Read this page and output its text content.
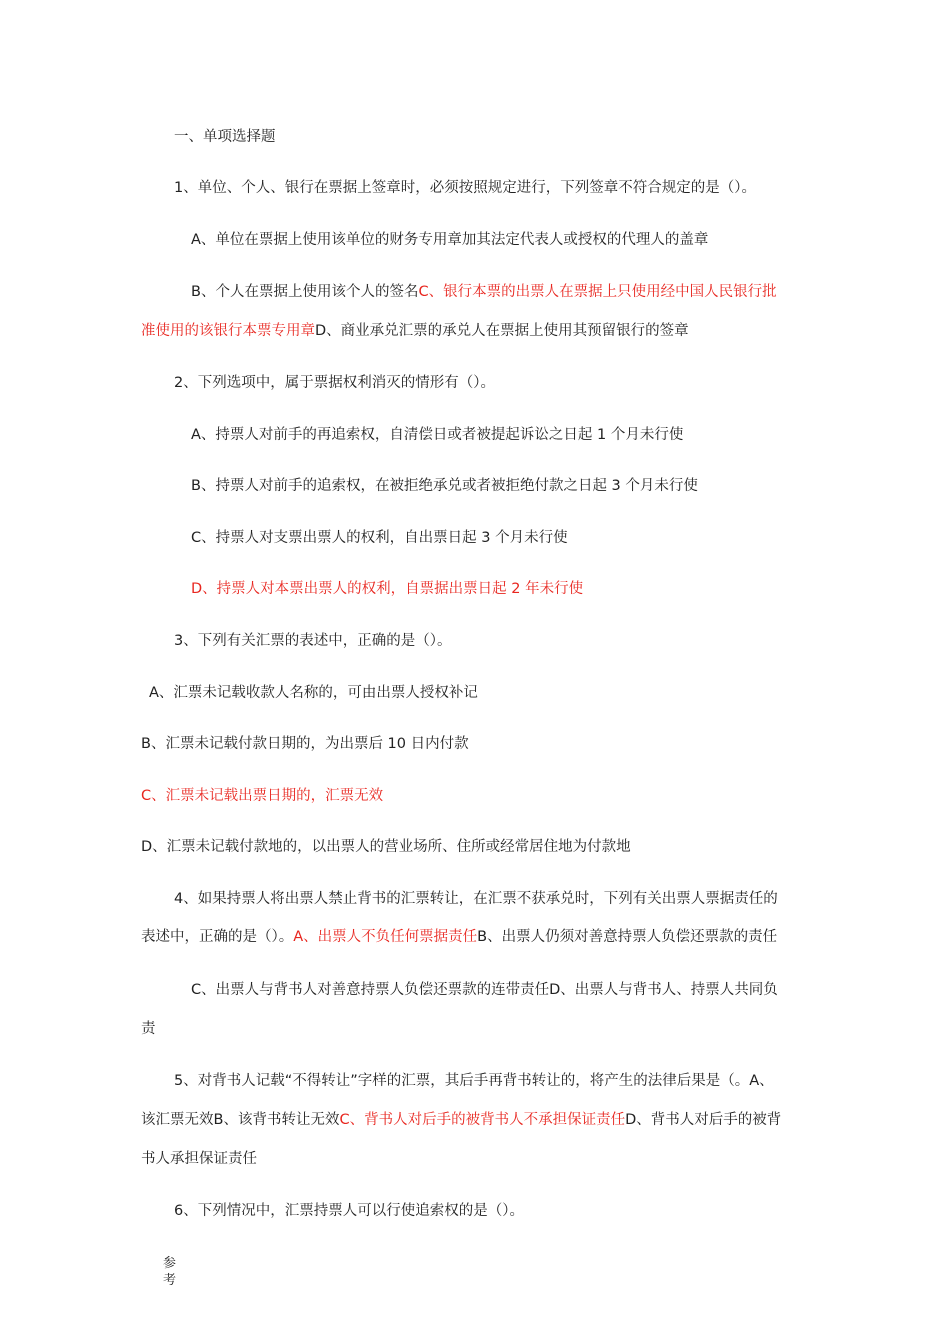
一、单项选择题
1、单位、个人、银行在票据上签章时，必须按照规定进行，下列签章不符合规定的是（）。
A、单位在票据上使用该单位的财务专用章加其法定代表人或授权的代理人的盖章
B、个人在票据上使用该个人的签名C、银行本票的出票人在票据上只使用经中国人民银行批
准使用的该银行本票专用章D、商业承兑汇票的承兑人在票据上使用其预留银行的签章
2、下列选项中，属于票据权利消灭的情形有（）。
A、持票人对前手的再追索权，自清偿日或者被提起诉讼之日起 1 个月未行使
B、持票人对前手的追索权，在被拒绝承兑或者被拒绝付款之日起 3 个月未行使
C、持票人对支票出票人的权利，自出票日起 3 个月未行使
D、持票人对本票出票人的权利，自票据出票日起 2 年未行使
3、下列有关汇票的表述中，正确的是（）。
A、汇票未记载收款人名称的，可由出票人授权补记
B、汇票未记载付款日期的，为出票后 10 日内付款
C、汇票未记载出票日期的，汇票无效
D、汇票未记载付款地的，以出票人的营业场所、住所或经常居住地为付款地
4、如果持票人将出票人禁止背书的汇票转让，在汇票不获承兑时，下列有关出票人票据责任的
表述中，正确的是（）。A、出票人不负任何票据责任B、出票人仍须对善意持票人负偿还票款的责任
C、出票人与背书人对善意持票人负偿还票款的连带责任D、出票人与背书人、持票人共同负
责
5、对背书人记载“不得转让”字样的汇票，其后手再背书转让的，将产生的法律后果是（。A、
该汇票无效B、该背书转让无效C、背书人对后手的被背书人不承担保证责任D、背书人对后手的被背
书人承担保证责任
6、下列情况中，汇票持票人可以行使追索权的是（）。
参
考
